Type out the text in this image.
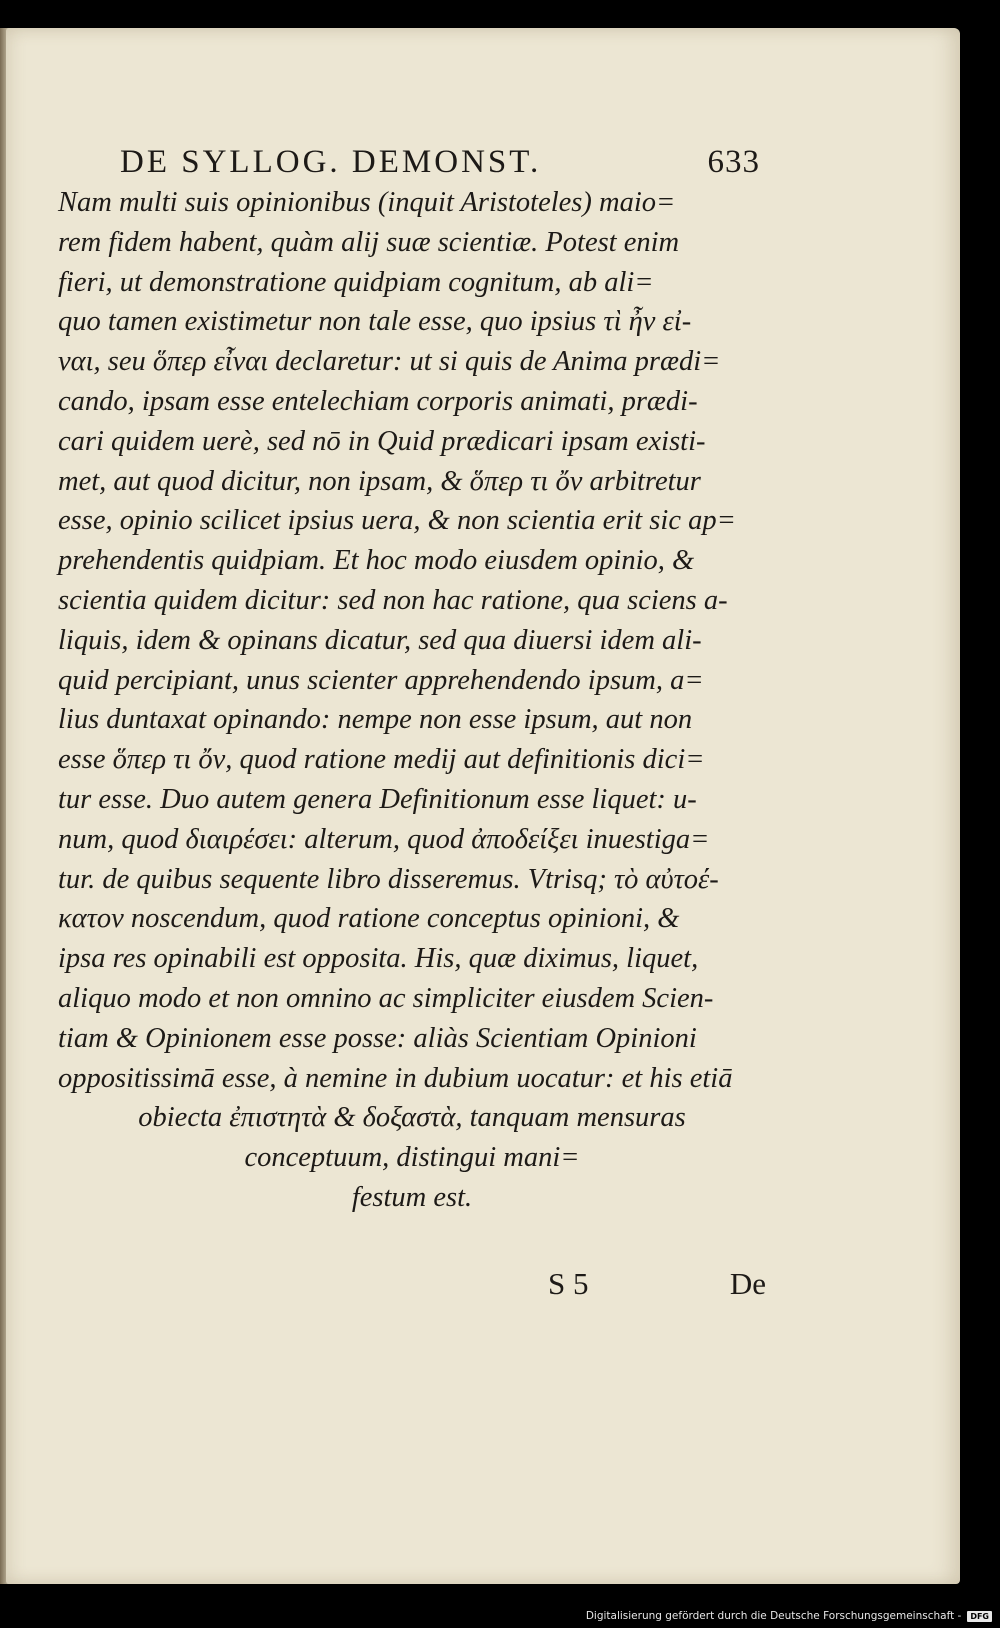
DE SYLLOG. DEMONST.	633
Nam multi suis opinionibus (inquit Aristoteles) maio=
rem fidem habent, quàm alij suæ scientiæ. Potest enim
fieri, ut demonstratione quidpiam cognitum, ab ali=
quo tamen existimetur non tale esse, quo ipsius τὶ ἦν εἰ-
ναι, seu ὅπερ εἶναι declaretur: ut si quis de Anima prædi=
cando, ipsam esse entelechiam corporis animati, prædi-
cari quidem uerè, sed nō in Quid prædicari ipsam existi-
met, aut quod dicitur, non ipsam, & ὅπερ τι ὄν arbitretur
esse, opinio scilicet ipsius uera, & non scientia erit sic ap=
prehendentis quidpiam. Et hoc modo eiusdem opinio, &
scientia quidem dicitur: sed non hac ratione, qua sciens a-
liquis, idem & opinans dicatur, sed qua diuersi idem ali-
quid percipiant, unus scienter apprehendendo ipsum, a=
lius duntaxat opinando: nempe non esse ipsum, aut non
esse ὅπερ τι ὄν, quod ratione medij aut definitionis dici=
tur esse. Duo autem genera Definitionum esse liquet: u-
num, quod διαιρέσει: alterum, quod ἀποδείξει inuestiga=
tur. de quibus sequente libro disseremus. Vtrisq; τὸ αὐτοέ-
κατον noscendum, quod ratione conceptus opinioni, &
ipsa res opinabili est opposita. His, quæ diximus, liquet,
aliquo modo et non omnino ac simpliciter eiusdem Scien-
tiam & Opinionem esse posse: aliàs Scientiam Opinioni
oppositissimā esse, à nemine in dubium uocatur: et his etiā
obiecta ἐπιστητὰ & δοξαστὰ, tanquam mensuras
conceptuum, distingui mani=
festum est.
S 5	De
Digitalisierung gefördert durch die Deutsche Forschungsgemeinschaft -	DFG
